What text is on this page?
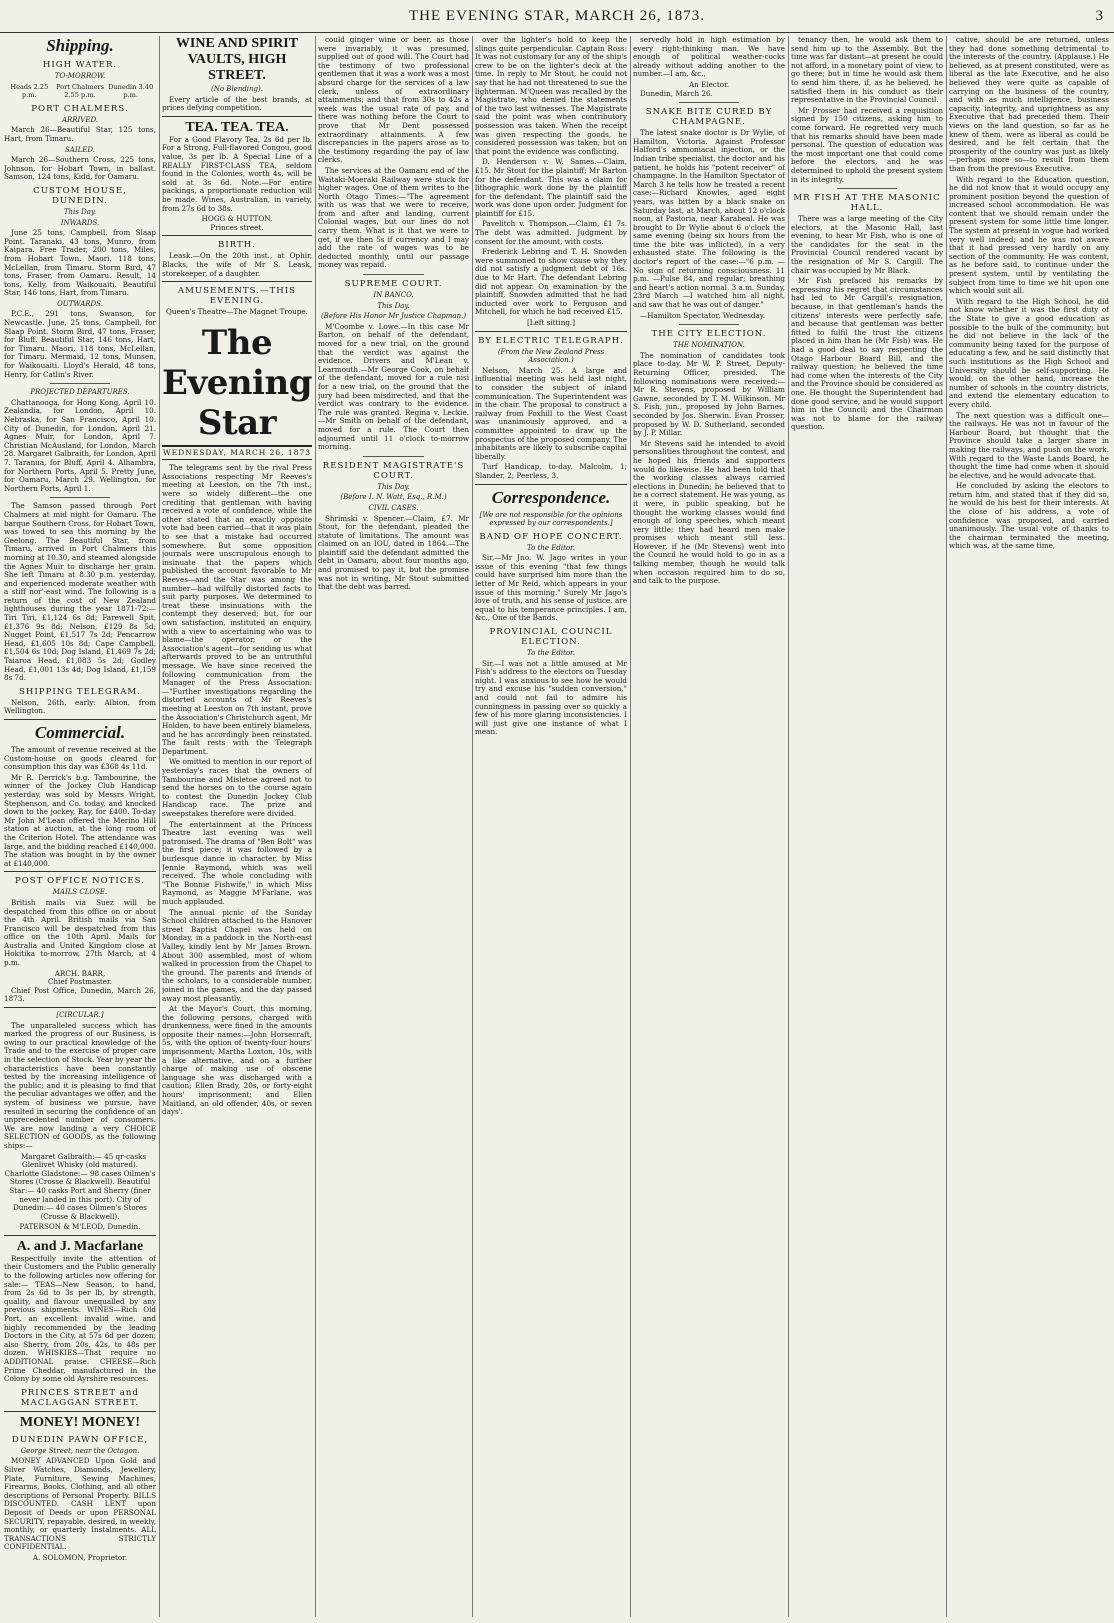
THE EVENING STAR, MARCH 26, 1873.	3
Shipping.
HIGH WATER.
TO-MORROW.
Heads 2.25 p.m.
Port Chalmers 2.55 p.m.
Dunedin 3.40 p.m.
PORT CHALMERS.
ARRIVED.
March 26—Beautiful Star, 125 tons, Hart, from Timaru.
SAILED.
March 26—Southern Cross, 225 tons, Johnson, for Hobart Town, in ballast. Samson, 124 tons, Kidd, for Oamaru.
CUSTOM HOUSE, DUNEDIN.
This Day.
INWARDS.
June 25 tons, Campbell, from Slaap Point. Taranaki, 43 tons, Munro, from Kaipara. Free Trader, 200 tons, Miles, from Hobart Town. Maori, 118 tons, McLellan, from Timaru. Storm Bird, 47 tons, Fraser, from Oamaru. Result, 14 tons, Kelly, from Waikouaiti. Beautiful Star, 146 tons, Hart, from Timaru.
OUTWARDS.
P.C.E., 291 tons, Swanson, for Newcastle. June, 25 tons, Campbell, for Slaap Point. Storm Bird, 47 tons, Fraser, for Bluff. Beautiful Star, 146 tons, Hart, for Timaru. Maori, 118 tons, McLellan, for Timaru. Mermaid, 12 tons, Munsen, for Waikouaiti. Lloyd's Herald, 48 tons, Henry, for Catlin's River.
PROJECTED DEPARTURES.
Chattanooga, for Hong Kong, April 10. Zealandia, for London, April 10. Nebraska, for San Francisco, April 10. City of Dunedin, for London, April 21. Agnes Muir, for London, April 7. Christian McAusland, for London, March 28. Margaret Galbraith, for London, April 7. Taranua, for Bluff, April 4. Alhambra, for Northern Ports, April 5. Pretty June, for Oamaru, March 29. Wellington, for Northern Ports, April 1.
The Samson passed through Port Chalmers at mid night for Oamaru. The barque Southern Cross, for Hobart Town, was towed to sea this morning by the Geelong. The Beautiful Star, from Timaru, arrived in Port Chalmers this morning at 10.30, and steamed alongside the Agnes Muir to discharge her grain. She left Timaru at 8.30 p.m. yesterday, and experienced moderate weather with a stiff nor'-east wind. The following is a return of the cost of New Zealand lighthouses during the year 1871-72:—Tiri Tiri, £1,124 6s 8d; Farewell Spit, £1,376 9s 8d; Nelson, £129 8s 5d; Nugget Point, £1,517 7s 2d; Pencarrow Head, £1,605 10s 8d; Cape Campbell, £1,504 6s 10d; Dog Island, £1,469 7s 2d; Taiaroa Head, £1,083 5s 2d; Godley Head, £1,001 13s 4d; Dog Island, £1,159 8s 7d.
SHIPPING TELEGRAM.
Nelson, 26th, early: Albion, from Wellington.
Commercial.
The amount of revenue received at the Custom-house on goods cleared for consumption this day was £368 4s 11d.
Mr R. Derrick's b.g. Tambourine, the winner of the Jockey Club Handicap yesterday, was sold by Messrs Wright, Stephenson, and Co. today, and knocked down to the jockey, Ray, for £400. To-day Mr John M'Lean offered the Merino Hill station at auction, at the long room of the Criterion Hotel. The attendance was large, and the bidding reached £140,000. The station was bought in by the owner at £140,000.
POST OFFICE NOTICES.
MAILS CLOSE.
British mails via Suez will be despatched from this office on or about the 4th April. British mails via San Francisco will be despatched from this office on the 10th April. Mails for Australia and United Kingdom close at Hokitika to-morrow, 27th March, at 4 p.m.
ARCH. BARR,
Chief Postmaster.
Chief Post Office, Dunedin, March 26, 1873.
[CIRCULAR.]
The unparalleled success which has marked the progress of our Business, is owing to our practical knowledge of the Trade and to the exercise of proper care in the selection of Stock. Year by year the characteristics have been constantly tested by the increasing intelligence of the public; and it is pleasing to find that the peculiar advantages we offer, and the system of business we pursue, have resulted in securing the confidence of an unprecedented number of consumers. We are now landing a very CHOICE SELECTION of GOODS, as the following ships:—
Margaret Galbraith:— 45 qr-casks Glenlivet Whisky (old matured). Charlotte Gladstone:— 98 cases Oilmen's Stores (Crosse & Blackwell). Beautiful Star:— 40 casks Port and Sherry (finer never landed in this port). City of Dunedin:— 40 cases Oilmen's Stores (Crosse & Blackwell).
PATERSON & M'LEOD, Dunedin.
A. and J. Macfarlane
Respectfully invite the attention of their Customers and the Public generally to the following articles now offering for sale:— TEAS—New Season, to hand, from 2s 6d to 3s per lb, by strength, quality, and flavour unequalled by any previous shipments. WINES—Rich Old Port, an excellent invalid wine, and highly recommended by the leading Doctors in the City, at 57s 6d per dozen; also Sherry, from 20s, 42s, to 48s per dozen. WHISKIES—That require no ADDITIONAL praise. CHEESE—Rich Prime Cheddar, manufactured in the Colony by some old Ayrshire resources.
PRINCES STREET and MACLAGGAN STREET.
MONEY! MONEY!
DUNEDIN PAWN OFFICE,
George Street, near the Octagon.
MONEY ADVANCED Upon Gold and Silver Watches, Diamonds, Jewellery, Plate, Furniture, Sewing Machines, Firearms, Books, Clothing, and all other descriptions of Personal Property. BILLS DISCOUNTED. CASH LENT upon Deposit of Deeds or upon PERSONAL SECURITY, repayable, desired, in weekly, monthly, or quarterly Instalments. ALL TRANSACTIONS STRICTLY CONFIDENTIAL.
A. SOLOMON, Proprietor.
WINE AND SPIRIT VAULTS, HIGH STREET.
(No Blending).
Every article of the best brands, at prices defying competition.
TEA. TEA. TEA.
For a Good Flavory Tea, 2s 6d per lb. For a Strong, Full-flavored Congou, good value, 3s per lb. A Special Line of a REALLY FIRST-CLASS TEA, seldom found in the Colonies, worth 4s, will be sold at 3s 6d. Note.—For entire packings, a proportionate reduction will be made. Wines, Australian, in variety, from 27s 6d to 38s.
HOGG & HUTTON,
Princes street.
BIRTH.
Leask.—On the 20th inst., at Ophir, Blacks, the wife of Mr S. Leask, storekeeper, of a daughter.
AMUSEMENTS.—THIS EVENING.
Queen's Theatre—The Magnet Troupe.
The Evening Star
WEDNESDAY, MARCH 26, 1873
The telegrams sent by the rival Press Associations respecting Mr Reeves's meeting at Leeston, on the 7th inst., were so widely different—the one crediting that gentleman with having received a vote of confidence, while the other stated that an exactly opposite vote had been carried—that it was plain to see that a mistake had occurred somewhere. But some opposition journals were unscrupulous enough to insinuate that the papers which published the account favorable to Mr Reeves—and the Star was among the number—had wilfully distorted facts to suit party purposes. We determined to treat these insinuations with the contempt they deserved; but, for our own satisfaction, instituted an enquiry, with a view to ascertaining who was to blame—the operator, or the Association's agent—for sending us what afterwards proved to be an untruthful message. We have since received the following communication from the Manager of the Press Association:—"Further investigations regarding the distorted accounts of Mr Reeves's meeting at Leeston on 7th instant, prove the Association's Christchurch agent, Mr Holden, to have been entirely blameless, and he has accordingly been reinstated. The fault rests with the Telegraph Department.
We omitted to mention in our report of yesterday's races that the owners of Tambourine and Misletoe agreed not to send the horses on to the course again to contest the Dunedin Jockey Club Handicap race. The prize and sweepstakes therefore were divided.
The entertainment at the Princess Theatre last evening was well patronised. The drama of "Ben Bolt" was the first piece; it was followed by a burlesque dance in character, by Miss Jennie Raymond, which was well received. The whole concluding with "The Bonnie Fishwife," in which Miss Raymond, as Maggie M'Farlane, was much applauded.
The annual picnic of the Sunday School children attached to the Hanover street Baptist Chapel was held on Monday, in a paddock in the North-east Valley, kindly lent by Mr James Brown. About 300 assembled, most of whom walked in procession from the Chapel to the ground. The parents and friends of the scholars, to a considerable number, joined in the games, and the day passed away most pleasantly.
At the Mayor's Court, this morning, the following persons, charged with drunkenness, were fined in the amounts opposite their names:—John Horsecraft, 5s, with the option of twenty-four hours' imprisonment; Martha Loxton, 10s, with a like alternative, and on a further charge of making use of obscene language she was discharged with a caution; Ellen Brady, 20s, or forty-eight hours' imprisonment; and Ellen Maitland, an old offender, 40s, or seven days'.
could ginger wine or beer, as those were invariably, it was presumed, supplied out of good will. The Court had the testimony of two professional gentlemen that it was a work was a most absurd charge for the services of a law clerk, unless of extraordinary attainments; and that from 30s to 42s a week was the usual rate of pay, and there was nothing before the Court to prove that Mr Dent possessed extraordinary attainments. A few discrepancies in the papers arose as to the testimony regarding the pay of law clerks.
The services at the Oamaru end of the Waitaki-Moeraki Railway were stuck for higher wages. One of them writes to the North Otago Times:—"The agreement with us was that we were to receive, from and after and landing, current Colonial wages, but our lines do not carry them. What is it that we were to get, if we then 5s if currency and I may add the rate of wages was to be deducted monthly, until our passage money was repaid.
SUPREME COURT.
IN BANCO.
This Day.
(Before His Honor Mr Justice Chapman.)
M'Coombe v. Lowe.—In this case Mr Barton, on behalf of the defendant, moved for a new trial, on the ground that the verdict was against the evidence. Drivers and M'Lean v. Learmouth.—Mr George Cook, on behalf of the defendant, moved for a rule nisi for a new trial, on the ground that the jury had been misdirected, and that the verdict was contrary to the evidence. The rule was granted. Regina v. Leckie.—Mr Smith on behalf of the defendant, moved for a rule. The Court then adjourned until 11 o'clock to-morrow morning.
RESIDENT MAGISTRATE'S COURT.
This Day.
(Before I. N. Watt, Esq., R.M.)
CIVIL CASES.
Shrimski v. Spencer.—Claim, £7. Mr Stout, for the defendant, pleaded the statute of limitations. The amount was claimed on an IOU, dated in 1864.—The plaintiff said the defendant admitted the debt in Oamaru, about four months ago, and promised to pay it, but the promise was not in writing. Mr Stout submitted that the debt was barred.
over the lighter's hold to keep the slings quite perpendicular. Captain Ross: It was not customary for any of the ship's crew to be on the lighter's deck at the time. In reply to Mr Stout, he could not say that he had not threatened to sue the lighterman. M'Queen was recalled by the Magistrate, who denied the statements of the two last witnesses. The Magistrate said the point was when contributory possession was taken. When the receipt was given respecting the goods, he considered possession was taken; but on that point the evidence was conflicting.
D. Henderson v. W. Sames.—Claim, £15. Mr Stout for the plaintiff; Mr Barton for the defendant. This was a claim for lithographic work done by the plaintiff for the defendant. The plaintiff said the work was done upon order. Judgment for plaintiff for £15.
Pavelitch v. Thompson.—Claim, £1 7s. The debt was admitted. Judgment by consent for the amount, with costs.
Frederick Lebring and T. H. Snowden were summoned to show cause why they did not satisfy a judgment debt of 16s. due to Mr Hart. The defendant Lebring did not appear. On examination by the plaintiff, Snowden admitted that he had inducted over work to Ferguson and Mitchell, for which he had received £15.
[Left sitting.]
BY ELECTRIC TELEGRAPH.
(From the New Zealand Press Association.)
Nelson, March 25. A large and influential meeting was held last night, to consider the subject of inland communication. The Superintendent was in the chair. The proposal to construct a railway from Foxhill to the West Coast was unanimously approved, and a committee appointed to draw up the prospectus of the proposed company. The inhabitants are likely to subscribe capital liberally.
Turf Handicap, to-day, Malcolm, 1; Slander, 2; Peerless, 3.
Correspondence.
[We are not responsible for the opinions expressed by our correspondents.]
BAND OF HOPE CONCERT.
To the Editor.
Sir,—Mr Jno. W. Jago writes in your issue of this evening "that few things could have surprised him more than the letter of Mr Reid, which appears in your issue of this morning." Surely Mr Jago's love of truth, and his sense of justice, are equal to his temperance principles. I am, &c., One of the Bands.
PROVINCIAL COUNCIL ELECTION.
To the Editor.
Sir,—I was not a little amused at Mr Fish's address to the electors on Tuesday night. I was anxious to see how he would try and excuse his "sudden conversion," and could not fail to admire his cunningness in passing over so quickly a few of his more glaring inconsistencies. I will just give one instance of what I mean.
servedly hold in high estimation by every right-thinking man. We have enough of political weather-cocks already without adding another to the number.—I am, &c.,
An Elector.
Dunedin, March 26.
SNAKE BITE CURED BY CHAMPAGNE.
The latest snake doctor is Dr Wylie, of Hamilton, Victoria. Against Professor Halford's ammoniacal injection, or the Indian tribe specialist, the doctor and his patient, he holds his "potent receiver" of champagne. In the Hamilton Spectator of March 3 he tells how he treated a recent case:—Richard Knowles, aged eight years, was bitten by a black snake on Saturday last, at March, about 12 o'clock noon, at Pastoria, near Karabeal. He was brought to Dr Wylie about 6 o'clock the same evening (being six hours from the time the bite was inflicted), in a very exhausted state. The following is the doctor's report of the case:—"6 p.m. —No sign of returning consciousness. 11 p.m. —Pulse 84, and regular; breathing and heart's action normal. 3 a.m. Sunday, 23rd March —I watched him all night, and saw that he was out of danger."
—Hamilton Spectator, Wednesday.
THE CITY ELECTION.
THE NOMINATION.
The nomination of candidates took place to-day. Mr W. P. Street, Deputy-Returning Officer, presided. The following nominations were received:— Mr R. Stevens, proposed by William Gawne, seconded by T. M. Wilkinson. Mr S. Fish, jun., proposed by John Barnes, seconded by Jos. Sherwin. Evan Prosser, proposed by W. D. Sutherland, seconded by J. P. Millar.
Mr Stevens said he intended to avoid personalities throughout the contest, and he hoped his friends and supporters would do likewise. He had been told that the working classes always carried elections in Dunedin; he believed that to be a correct statement. He was young, as it were, in public speaking, but he thought the working classes would find enough of long speeches, which meant very little; they had heard men make promises which meant still less. However, if he (Mr Stevens) went into the Council he would hold to go in as a talking member, though he would talk when occasion required him to do so, and talk to the purpose.
tenancy then, he would ask them to send him up to the Assembly. But the time was far distant—at present he could not afford, in a monetary point of view, to go there; but in time he would ask them to send him there, if, as he believed, he satisfied them in his conduct as their representative in the Provincial Council.
Mr Prosser had received a requisition signed by 150 citizens, asking him to come forward. He regretted very much that his remarks should have been made personal. The question of education was the most important one that could come before the electors, and he was determined to uphold the present system in its integrity.
MR FISH AT THE MASONIC HALL.
There was a large meeting of the City electors, at the Masonic Hall, last evening, to hear Mr Fish, who is one of the candidates for the seat in the Provincial Council rendered vacant by the resignation of Mr S. Cargill. The chair was occupied by Mr Black.
Mr Fish prefaced his remarks by expressing his regret that circumstances had led to Mr Cargill's resignation, because, in that gentleman's hands the citizens' interests were perfectly safe, and because that gentleman was better fitted to fulfil the trust the citizens placed in him than he (Mr Fish) was. He had a good deal to say respecting the Otago Harbour Board Bill, and the railway question; he believed the time had come when the interests of the City and the Province should be considered as one. He thought the Superintendent had done good service, and he would support him in the Council; and the Chairman was not to blame for the railway question.
cative, should be are returned, unless they had done something detrimental to the interests of the country. (Applause.) He believed, as at present constituted, were as liberal as the late Executive, and he also believed they were quite as capable of carrying on the business of the country, and with as much intelligence, business capacity, integrity, and uprightness as any Executive that had preceded them. Their views on the land question, so far as he knew of them, were as liberal as could be desired, and he felt certain that the prosperity of the country was just as likely—perhaps more so—to result from them than from the previous Executive.
With regard to the Education question, he did not know that it would occupy any prominent position beyond the question of increased school accommodation. He was content that we should remain under the present system for some little time longer. The system at present in vogue had worked very well indeed; and he was not aware that it had pressed very hardly on any section of the community. He was content, as he before said, to continue under the present system, until by ventilating the subject from time to time we hit upon one which would suit all.
With regard to the High School, he did not know whether it was the first duty of the State to give a good education as possible to the bulk of the community; but he did not believe in the lack of the community being taxed for the purpose of educating a few, and he said distinctly that such institutions as the High School and University should be self-supporting. He would, on the other hand, increase the number of schools in the country districts, and extend the elementary education to every child.
The next question was a difficult one—the railways. He was not in favour of the Harbour Board, but thought that the Province should take a larger share in making the railways, and push on the work. With regard to the Waste Lands Board, he thought the time had come when it should be elective, and he would advocate that.
He concluded by asking the electors to return him, and stated that if they did so, he would do his best for their interests. At the close of his address, a vote of confidence was proposed, and carried unanimously. The usual vote of thanks to the chairman terminated the meeting, which was, at the same time,
